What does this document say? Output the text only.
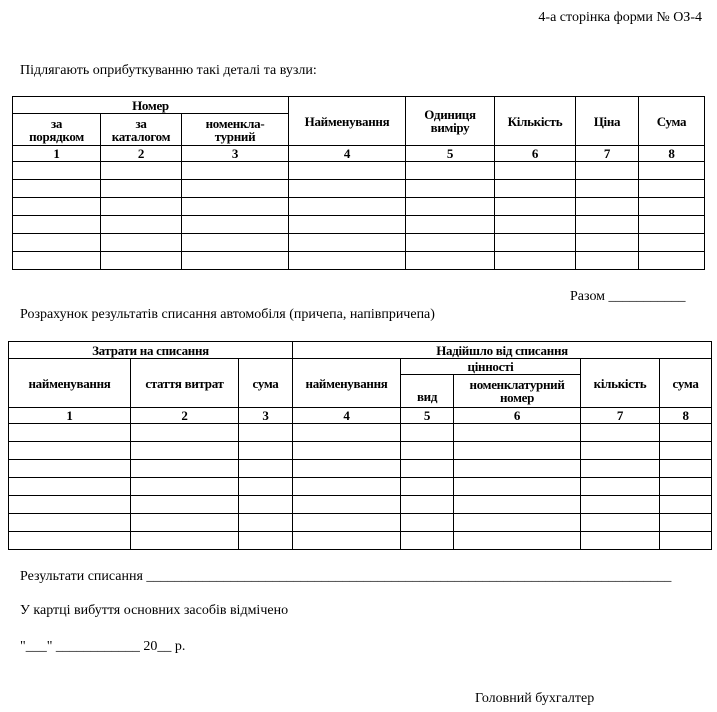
4-а сторінка форми № ОЗ-4
Підлягають оприбуткуванню такі деталі та вузли:
Номер			Найменування	Одиниця виміру	Кількість	Ціна	Сума
за порядком	за каталогом	номенкла-турний					
1	2	3	4	5	6	7	8

Разом ___________
Розрахунок результатів списання автомобіля (причепа, напівпричепа)
Затрати на списання			Надійшло від списання				
найменування	стаття витрат	сума	найменування	цінності		кількість	сума
				вид	номенклатурний номер		
1	2	3	4	5	6	7	8

Результати списання ___________________________________________________________________________
У картці вибуття основних засобів відмічено
"___" ____________ 20__ р.
Головний бухгалтер
